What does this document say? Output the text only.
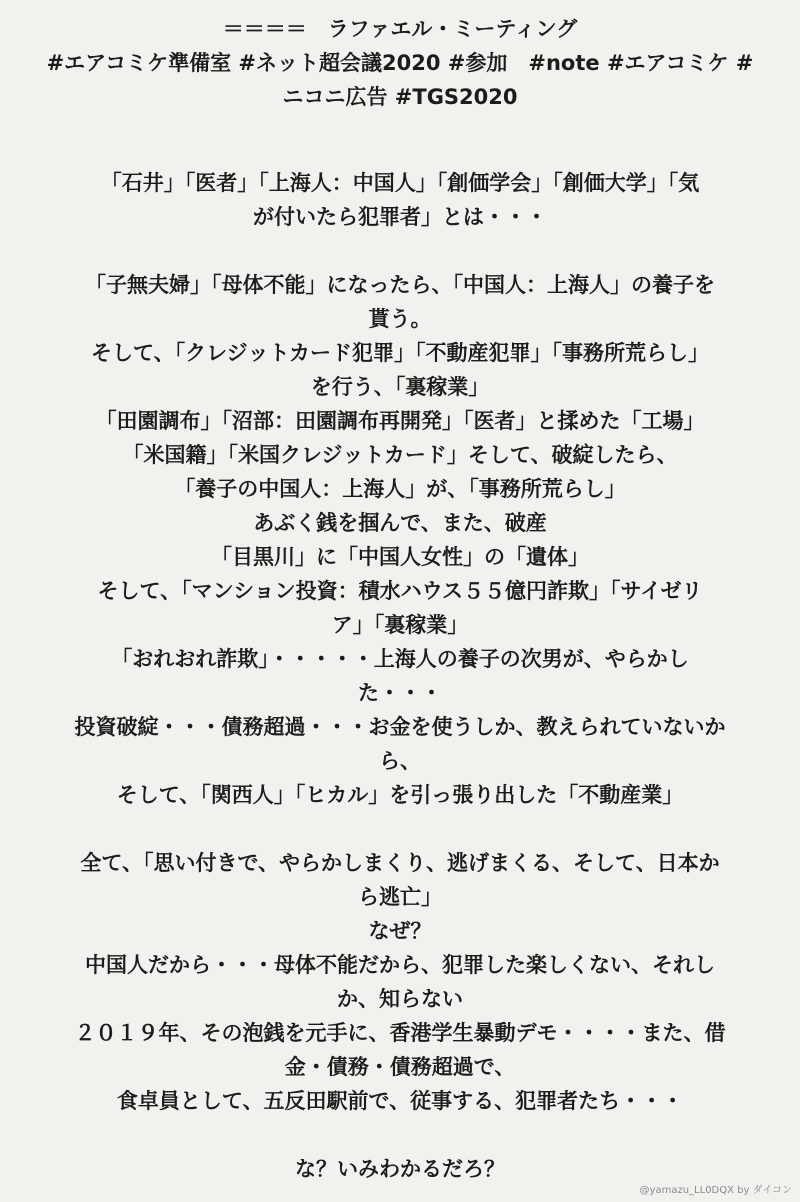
＝＝＝＝　ラファエル・ミーティング
#エアコミケ準備室 #ネット超会議2020 #参加　#note #エアコミケ #
ニコニ広告 #TGS2020
「石井」「医者」「上海人：中国人」「創価学会」「創価大学」「気
が付いたら犯罪者」とは・・・
「子無夫婦」「母体不能」になったら、「中国人：上海人」の養子を
貰う。
そして、「クレジットカード犯罪」「不動産犯罪」「事務所荒らし」
を行う、「裏稼業」
「田園調布」「沼部：田園調布再開発」「医者」と揉めた「工場」
「米国籍」「米国クレジットカード」そして、破綻したら、
「養子の中国人：上海人」が、「事務所荒らし」
あぶく銭を掴んで、また、破産
「目黒川」に「中国人女性」の「遺体」
そして、「マンション投資：積水ハウス５５億円詐欺」「サイゼリ
ア」「裏稼業」
「おれおれ詐欺」・・・・・上海人の養子の次男が、やらかし
た・・・
投資破綻・・・債務超過・・・お金を使うしか、教えられていないか
ら、
そして、「関西人」「ヒカル」を引っ張り出した「不動産業」
全て、「思い付きで、やらかしまくり、逃げまくる、そして、日本か
ら逃亡」
なぜ？
中国人だから・・・母体不能だから、犯罪した楽しくない、それし
か、知らない
２０１９年、その泡銭を元手に、香港学生暴動デモ・・・・また、借
金・債務・債務超過で、
食卓員として、五反田駅前で、従事する、犯罪者たち・・・
な？いみわかるだろ？
@yamazu_LL0DQX by ダイコン
